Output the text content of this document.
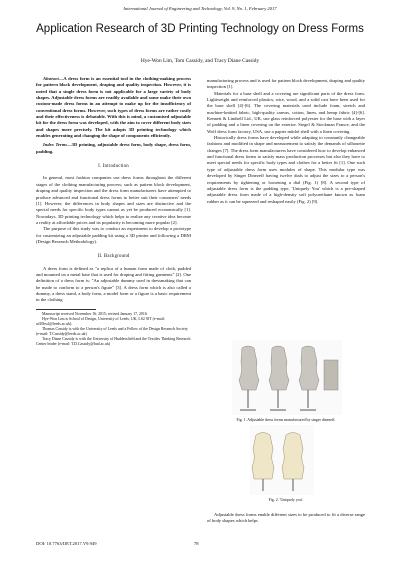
International Journal of Engineering and Technology, Vol. 9, No. 1, February 2017
Application Research of 3D Printing Technology on Dress Forms
Hye-Won Lim, Tom Cassidy, and Tracy Diane Cassidy
Abstract—A dress form is an essential tool in the clothing-making process for pattern block development, draping and quality inspection. However, it is noted that a single dress form is not applicable for a large variety of body shapes. Adjustable dress forms are readily available and some make their own custom-made dress forms in an attempt to make up for the insufficiency of conventional dress forms. However, such types of dress forms are rather costly and their effectiveness is debatable. With this is mind, a customised adjustable kit for the dress form was developed, with the aim to cover different body sizes and shapes more precisely. The kit adopts 3D printing technology which enables generating and changing the shape of components efficiently.
Index Terms—3D printing, adjustable dress form, body shape, dress form, padding.
I. Introduction

In general, most fashion companies use dress forms throughout the different stages of the clothing manufacturing process; such as pattern block development, draping and quality inspection and the dress form manufacturers have attempted to produce advanced and functional dress forms to better suit their customers' needs [1]. However, the differences in body shapes and sizes are distinctive and the special needs for specific body types cannot as yet be produced economically [1]. Nowadays, 3D printing technology which helps to realize any creative idea become a reality at affordable prices and its popularity is becoming more popular [2].

The purpose of this study was to conduct an experiment to develop a prototype for customizing an adjustable padding kit using a 3D printer and following a DRM (Design Research Methodology).

II. Background

A dress form is defined as "a replica of a human form made of cloth, padded and mounted on a metal base that is used for draping and fitting garments" [2]. One definition of a dress form is: "An adjustable dummy used in dressmaking that can be made to conform to a person's figure" [3]. A dress form which is also called a dummy, a dress stand, a body form, a model form or a figure is a basic requirement in the clothing

Manuscript received November 16, 2015; revised January 17, 2016.
Hye-Won Lim is School of Design, University of Leeds, UK, LS2 9JT (e-mail: sd10hwl@leeds.ac.uk).
Thomas Cassidy is with the University of Leeds and a Fellow of the Design Research Society (e-mail: T.Cassidy@leeds.ac.uk)
Tracy Diane Cassidy is with the University of Huddersfield and the Textiles Thinking Research Center leader (e-mail: T.D.Cassidy@hud.ac.uk)

manufacturing process and is used for pattern block development, draping and quality inspection [1].

Materials for a base shell and a covering are significant parts of the dress form. Lightweight and reinforced plastics, wire, wood, and a solid cast have been used for the base shell [4]-[6]. The covering materials used include foam, stretch and machine-knitted fabric, high-quality canvas, cotton, linen, and hemp fabric [4]-[6]. Kennett & Lindsell Ltd., UK, use glass reinforced polyester for the base with a layer of padding and a linen covering on the exterior. Siegel & Stockman France, and the Wolf dress form factory, USA, use a papier mâché shell with a linen covering.

Historically dress forms have developed while adapting to constantly changeable fashions and modified in shape and measurement to satisfy the demands of silhouette changes [7]. The dress form manufacturers have considered how to develop enhanced and functional dress forms to satisfy mass production processes but also they have to meet special needs for specific body types and clothes for a better fit [1]. One such type of adjustable dress form uses modules of shape. This modular type was developed by Singer Dinezeff having twelve dials to adjust the sizes to a person's requirements by tightening or loosening a dial (Fig. 1) [8]. A second type of adjustable dress form is the padding type, 'Uniquely You' which is a pre-shaped adjustable dress form made of a high-density soft polyurethane known as foam rubber as it can be squeezed and reshaped easily (Fig. 2) [9].

Fig. 1. Adjustable dress forms manufactured by singer dinezeff.
Fig. 2. 'Uniquely you'.

Adjustable dress forms enable different sizes to be produced to fit a diverse range of body shapes which helps

DOI: 10.7763/IJET.2017.V9.949	78
